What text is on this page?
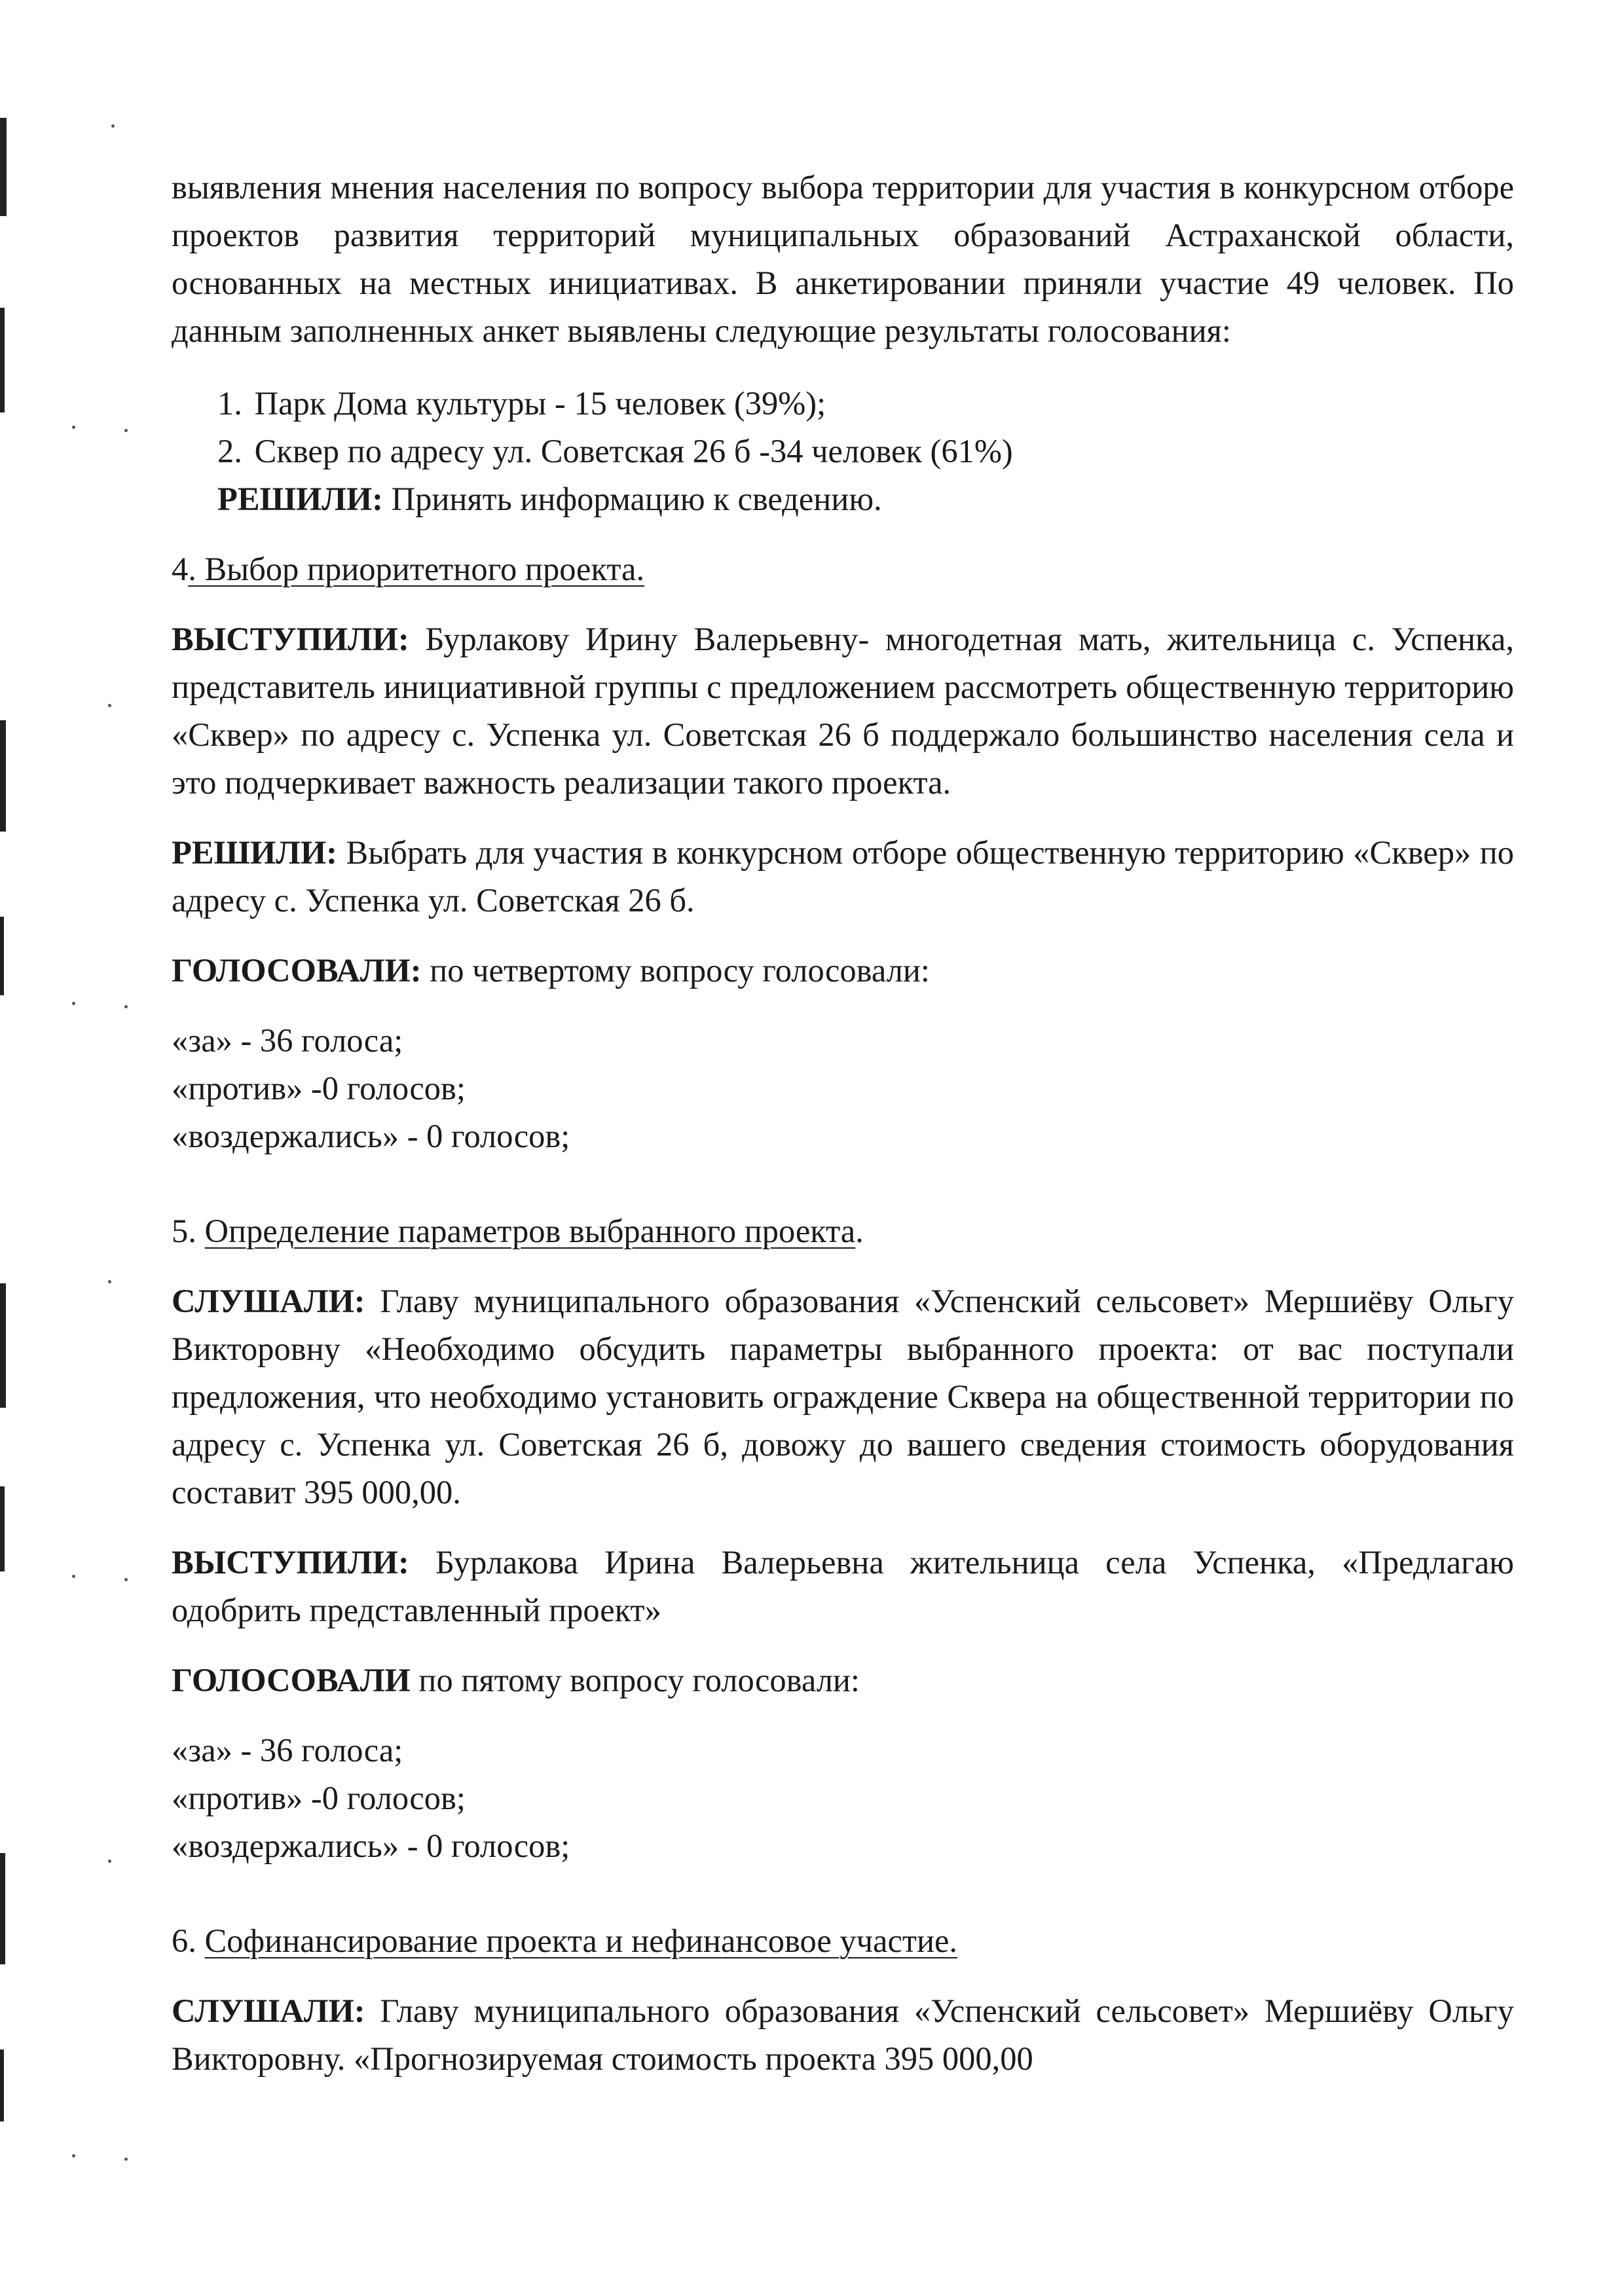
выявления мнения населения по вопросу выбора территории для участия в конкурсном отборе проектов развития территорий муниципальных образований Астраханской области, основанных на местных инициативах. В анкетировании приняли участие 49 человек. По данным заполненных анкет выявлены следующие результаты голосования:

1. Парк Дома культуры - 15 человек (39%);
2. Сквер по адресу ул. Советская 26 б -34 человек (61%)

РЕШИЛИ: Принять информацию к сведению.

4. Выбор приоритетного проекта.

ВЫСТУПИЛИ: Бурлакову Ирину Валерьевну- многодетная мать, жительница с. Успенка, представитель инициативной группы с предложением рассмотреть общественную территорию «Сквер» по адресу с. Успенка ул. Советская 26 б поддержало большинство населения села и это подчеркивает важность реализации такого проекта.

РЕШИЛИ: Выбрать для участия в конкурсном отборе общественную территорию «Сквер» по адресу с. Успенка ул. Советская 26 б.

ГОЛОСОВАЛИ: по четвертому вопросу голосовали:

«за» - 36 голоса;
«против» -0 голосов;
«воздержались» - 0 голосов;

5. Определение параметров выбранного проекта.

СЛУШАЛИ: Главу муниципального образования «Успенский сельсовет» Мершиёву Ольгу Викторовну «Необходимо обсудить параметры выбранного проекта: от вас поступали предложения, что необходимо установить ограждение Сквера на общественной территории по адресу с. Успенка ул. Советская 26 б, довожу до вашего сведения стоимость оборудования составит 395 000,00.

ВЫСТУПИЛИ: Бурлакова Ирина Валерьевна жительница села Успенка, «Предлагаю одобрить представленный проект»

ГОЛОСОВАЛИ по пятому вопросу голосовали:

«за» - 36 голоса;
«против» -0 голосов;
«воздержались» - 0 голосов;

6. Софинансирование проекта и нефинансовое участие.

СЛУШАЛИ: Главу муниципального образования «Успенский сельсовет» Мершиёву Ольгу Викторовну. «Прогнозируемая стоимость проекта 395 000,00
